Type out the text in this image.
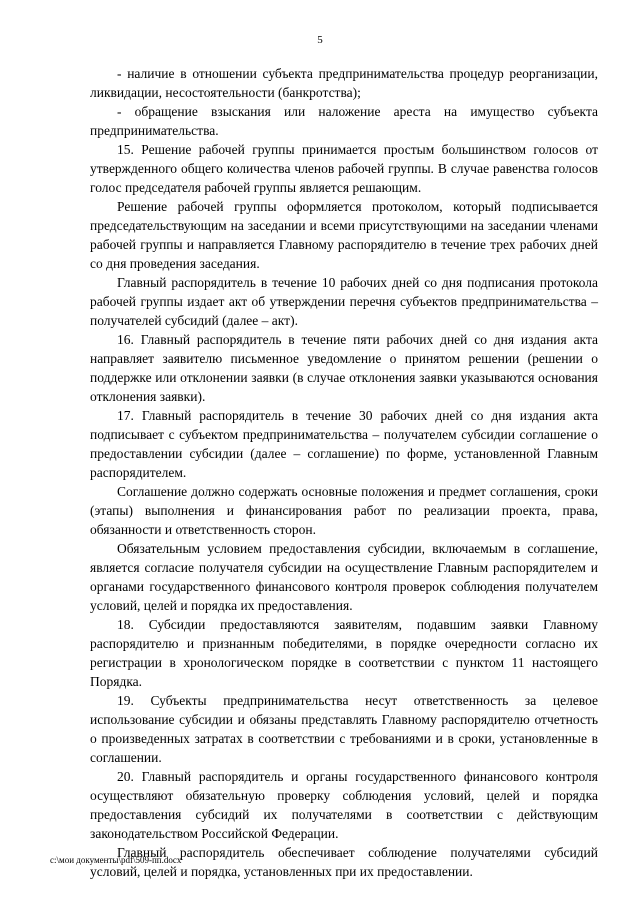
5

- наличие в отношении субъекта предпринимательства процедур реорганизации, ликвидации, несостоятельности (банкротства);

- обращение взыскания или наложение ареста на имущество субъекта предпринимательства.

15. Решение рабочей группы принимается простым большинством голосов от утвержденного общего количества членов рабочей группы. В случае равенства голосов голос председателя рабочей группы является решающим.

Решение рабочей группы оформляется протоколом, который подписывается председательствующим на заседании и всеми присутствующими на заседании членами рабочей группы и направляется Главному распорядителю в течение трех рабочих дней со дня проведения заседания.

Главный распорядитель в течение 10 рабочих дней со дня подписания протокола рабочей группы издает акт об утверждении перечня субъектов предпринимательства – получателей субсидий (далее – акт).

16. Главный распорядитель в течение пяти рабочих дней со дня издания акта направляет заявителю письменное уведомление о принятом решении (решении о поддержке или отклонении заявки (в случае отклонения заявки указываются основания отклонения заявки).

17. Главный распорядитель в течение 30 рабочих дней со дня издания акта подписывает с субъектом предпринимательства – получателем субсидии соглашение о предоставлении субсидии (далее – соглашение) по форме, установленной Главным распорядителем.

Соглашение должно содержать основные положения и предмет соглашения, сроки (этапы) выполнения и финансирования работ по реализации проекта, права, обязанности и ответственность сторон.

Обязательным условием предоставления субсидии, включаемым в соглашение, является согласие получателя субсидии на осуществление Главным распорядителем и органами государственного финансового контроля проверок соблюдения получателем условий, целей и порядка их предоставления.

18. Субсидии предоставляются заявителям, подавшим заявки Главному распорядителю и признанным победителями, в порядке очередности согласно их регистрации в хронологическом порядке в соответствии с пунктом 11 настоящего Порядка.

19. Субъекты предпринимательства несут ответственность за целевое использование субсидии и обязаны представлять Главному распорядителю отчетность о произведенных затратах в соответствии с требованиями и в сроки, установленные в соглашении.

20. Главный распорядитель и органы государственного финансового контроля осуществляют обязательную проверку соблюдения условий, целей и порядка предоставления субсидий их получателями в соответствии с действующим законодательством Российской Федерации.

Главный распорядитель обеспечивает соблюдение получателями субсидий условий, целей и порядка, установленных при их предоставлении.

c:\мои документы\pdf\509-пп.docx
